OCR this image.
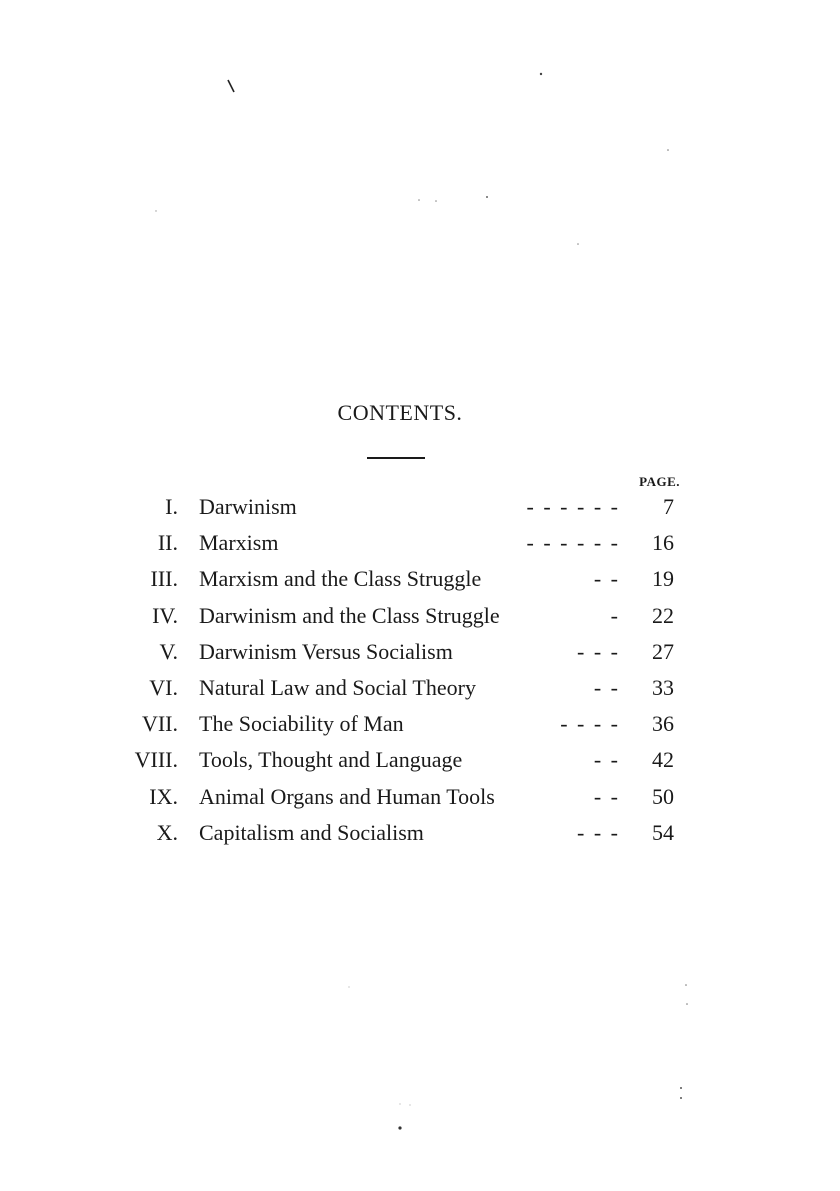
CONTENTS.
PAGE.
I. Darwinism	- - - - - - 7
II. Marxism	- - - - - - 16
III. Marxism and the Class Struggle	- - 19
IV. Darwinism and the Class Struggle	- 22
V. Darwinism Versus Socialism	- - - 27
VI. Natural Law and Social Theory	- - 33
VII. The Sociability of Man	- - - - 36
VIII. Tools, Thought and Language	- - 42
IX. Animal Organs and Human Tools	- - 50
X. Capitalism and Socialism	- - - 54
